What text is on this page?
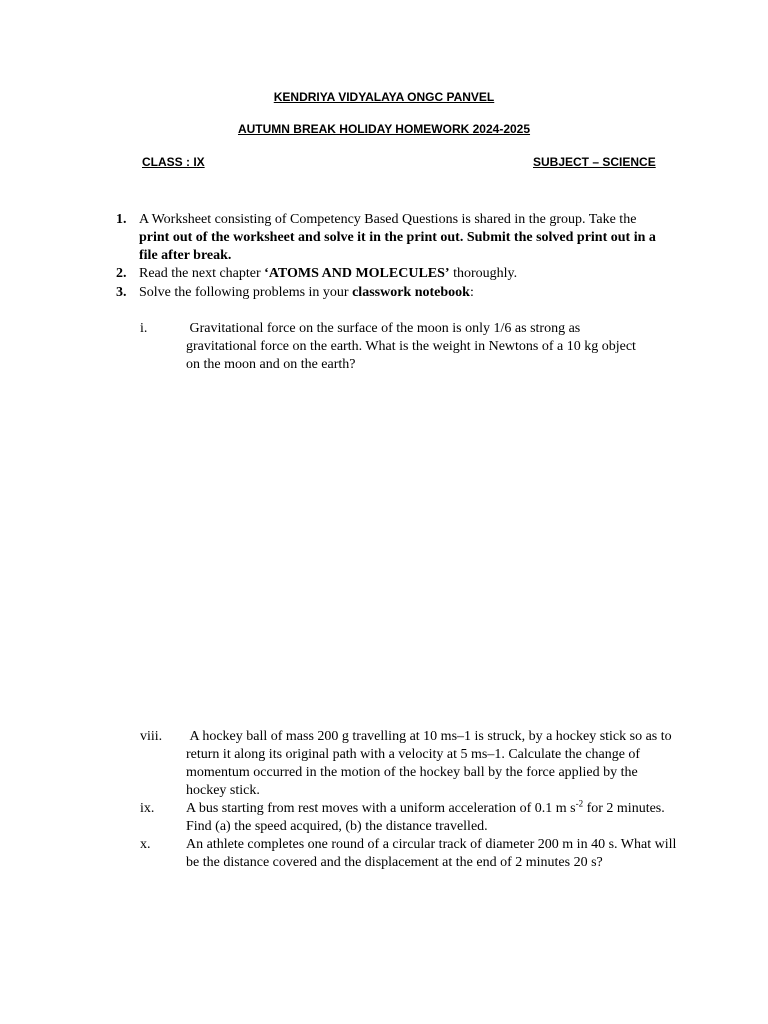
KENDRIYA VIDYALAYA ONGC PANVEL
AUTUMN BREAK HOLIDAY HOMEWORK 2024-2025
CLASS : IX	SUBJECT – SCIENCE
1. A Worksheet consisting of Competency Based Questions is shared in the group. Take the print out of the worksheet and solve it in the print out. Submit the solved print out in a file after break.
2. Read the next chapter ‘ATOMS AND MOLECULES’ thoroughly.
3. Solve the following problems in your classwork notebook:
i.	Gravitational force on the surface of the moon is only 1/6 as strong as gravitational force on the earth. What is the weight in Newtons of a 10 kg object on the moon and on the earth?
viii. A hockey ball of mass 200 g travelling at 10 ms–1 is struck, by a hockey stick so as to return it along its original path with a velocity at 5 ms–1. Calculate the change of momentum occurred in the motion of the hockey ball by the force applied by the hockey stick.
ix. A bus starting from rest moves with a uniform acceleration of 0.1 m $s^{-2}$ for 2 minutes. Find (a) the speed acquired, (b) the distance travelled.
x.	An athlete completes one round of a circular track of diameter 200 m in 40 s. What will be the distance covered and the displacement at the end of 2 minutes 20 s?
